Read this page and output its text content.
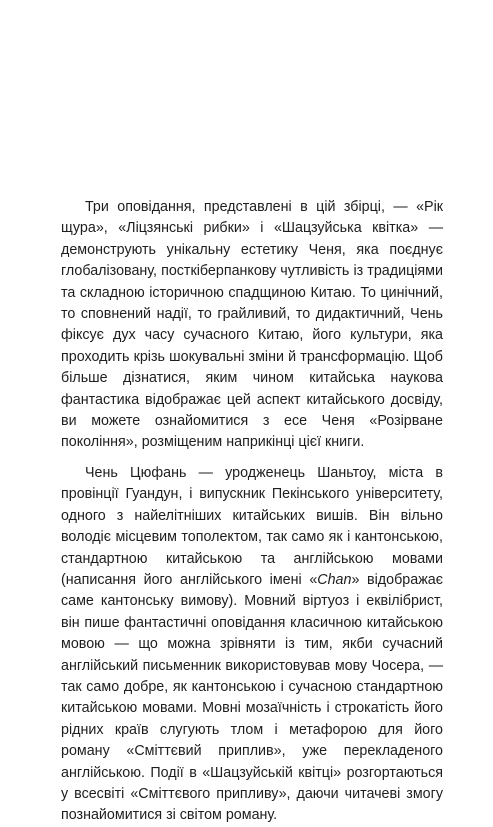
Три оповідання, представлені в цій збірці, — «Рік щура», «Ліцзянські рибки» і «Шацзуйська квітка» — демонструють унікальну естетику Ченя, яка поєднує глобалізовану, посткіберпанкову чутливість із традиціями та складною історичною спадщиною Китаю. То цинічний, то сповнений надії, то грайливий, то дидактичний, Чень фіксує дух часу сучасного Китаю, його культури, яка проходить крізь шокувальні зміни й трансформацію. Щоб більше дізнатися, яким чином китайська наукова фантастика відображає цей аспект китайського досвіду, ви можете ознайомитися з есе Ченя «Розірване покоління», розміщеним наприкінці цієї книги.

Чень Цюфань — уродженець Шаньтоу, міста в провінції Гуандун, і випускник Пекінського університету, одного з найелітніших китайських вишів. Він вільно володіє місцевим тополектом, так само як і кантонською, стандартною китайською та англійською мовами (написання його англійського імені «Chan» відображає саме кантонську вимову). Мовний віртуоз і еквілібрист, він пише фантастичні оповідання класичною китайською мовою — що можна зрівняти із тим, якби сучасний англійський письменник використовував мову Чосера, — так само добре, як кантонською і сучасною стандартною китайською мовами. Мовні мозаїчність і строкатість його рідних країв слугують тлом і метафорою для його роману «Сміттєвий приплив», уже перекладеного англійською. Події в «Шацзуйській квітці» розгортаються у всесвіті «Сміттєвого припливу», даючи читачеві змогу познайомитися зі світом роману.
